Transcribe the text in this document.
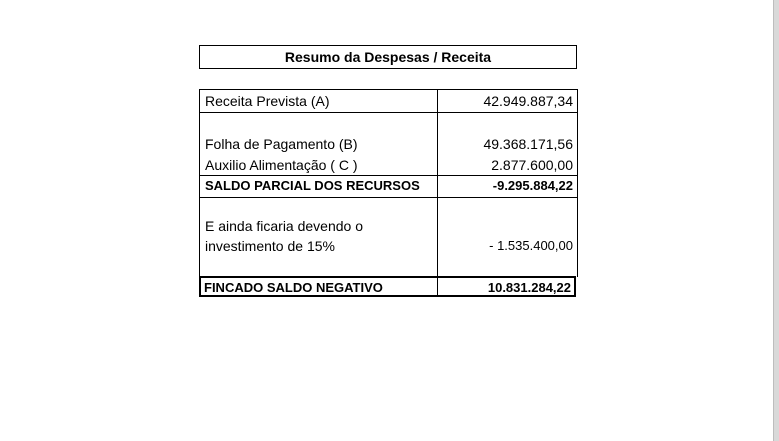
Resumo da Despesas / Receita
Receita Prevista (A)	42.949.887,34
Folha de Pagamento (B)	49.368.171,56
Auxilio Alimentação ( C )	2.877.600,00
SALDO PARCIAL DOS RECURSOS	-9.295.884,22
E ainda ficaria devendo o
investimento de 15%	- 1.535.400,00
FINCADO SALDO NEGATIVO	10.831.284,22
